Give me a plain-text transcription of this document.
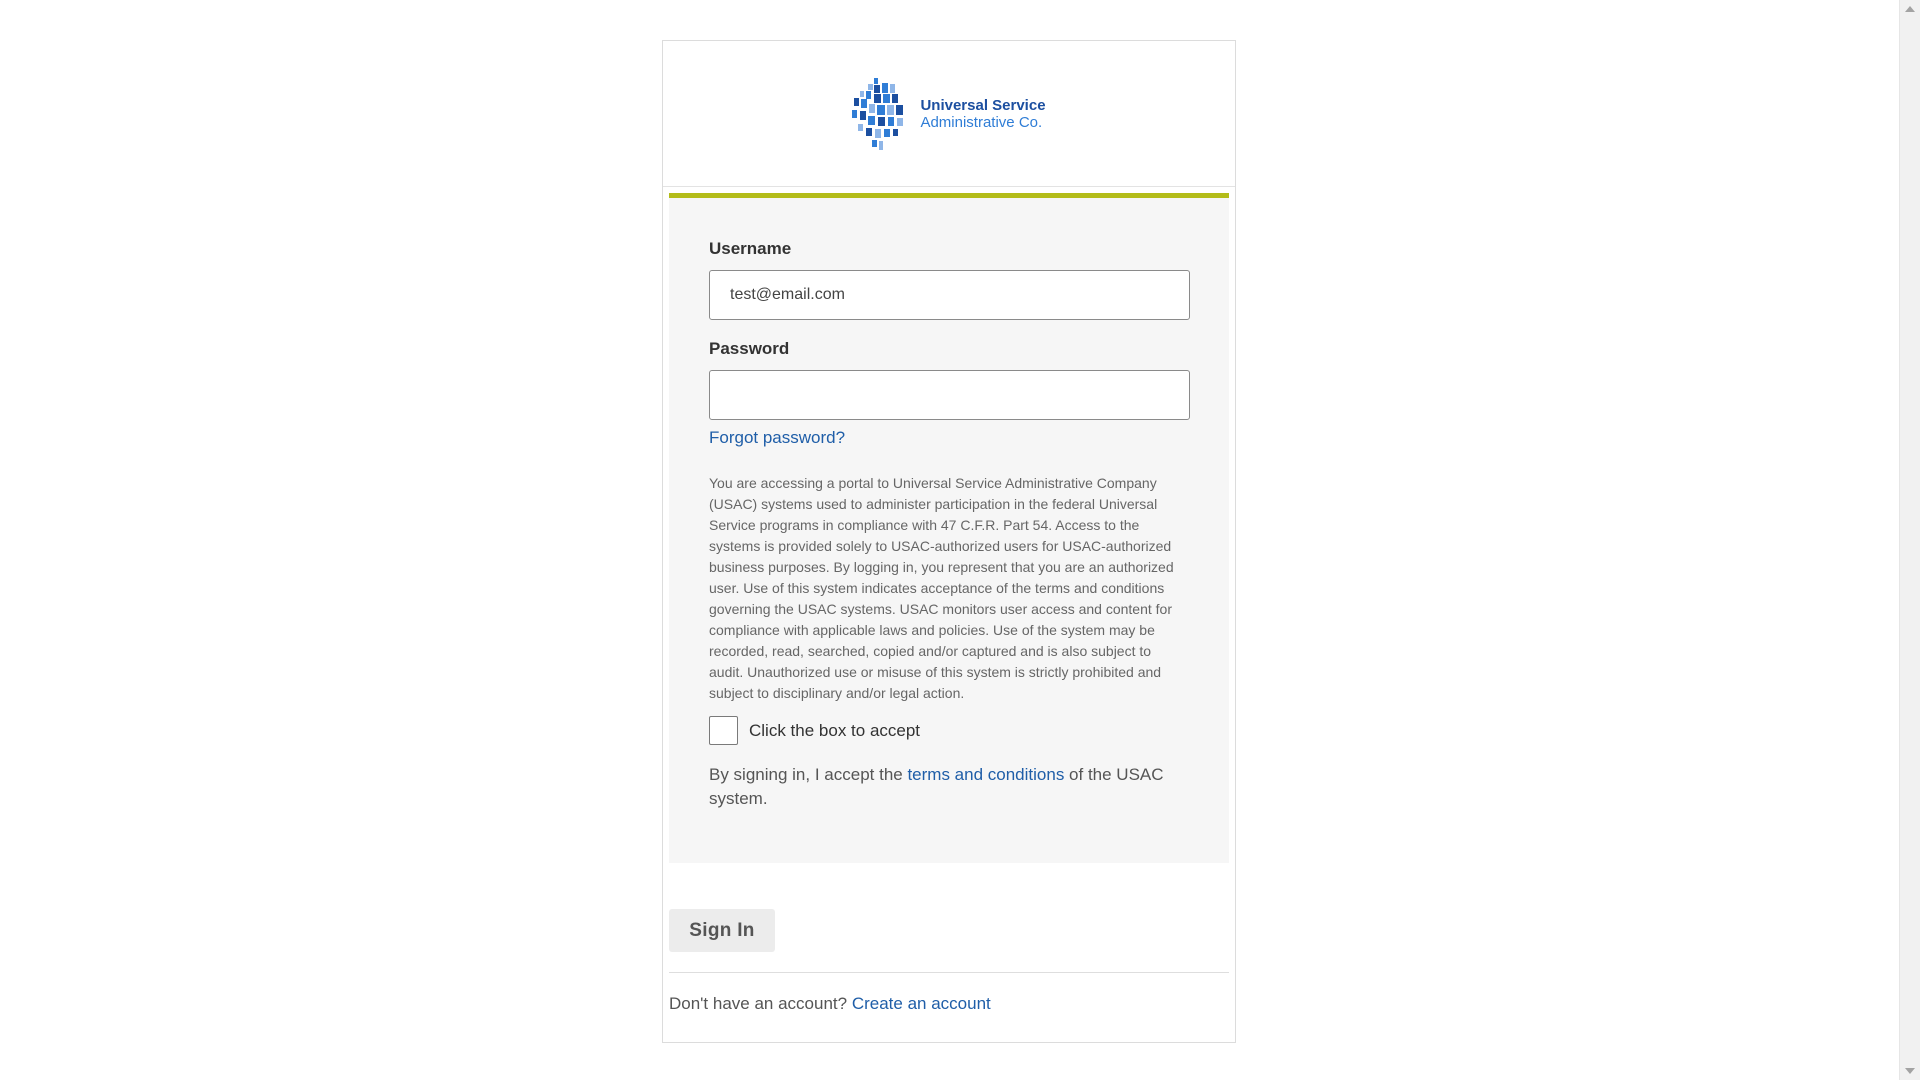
Universal Service
Administrative Co.
Username
test@email.com
Password
Forgot password?
You are accessing a portal to Universal Service Administrative Company (USAC) systems used to administer participation in the federal Universal Service programs in compliance with 47 C.F.R. Part 54. Access to the systems is provided solely to USAC-authorized users for USAC-authorized business purposes. By logging in, you represent that you are an authorized user. Use of this system indicates acceptance of the terms and conditions governing the USAC systems. USAC monitors user access and content for compliance with applicable laws and policies. Use of the system may be recorded, read, searched, copied and/or captured and is also subject to audit. Unauthorized use or misuse of this system is strictly prohibited and subject to disciplinary and/or legal action.
Click the box to accept
By signing in, I accept the terms and conditions of the USAC system.
Sign In
Don't have an account? Create an account
